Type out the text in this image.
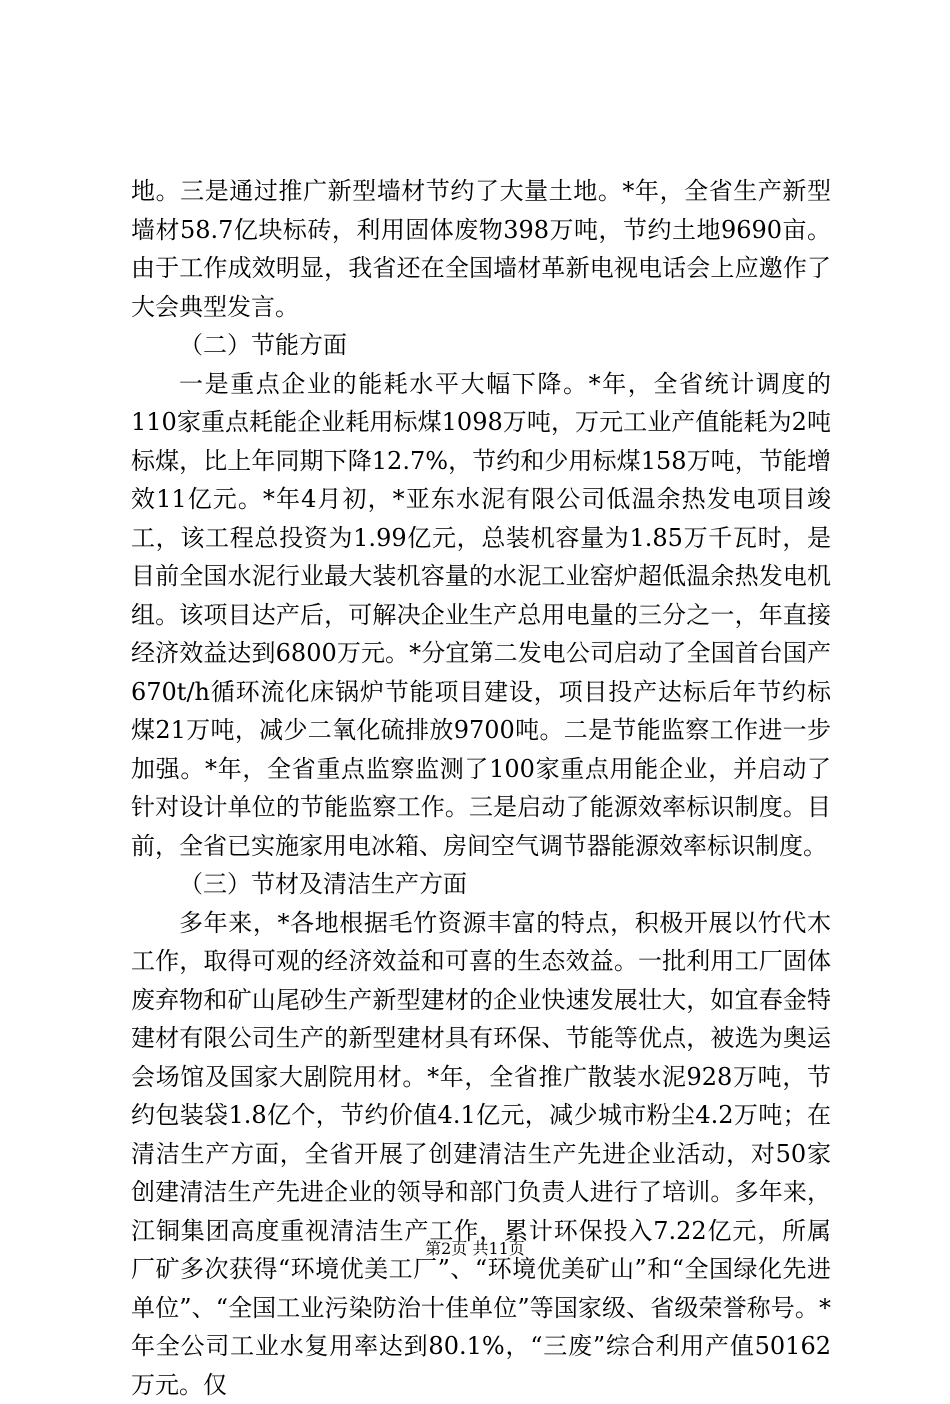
地。三是通过推广新型墙材节约了大量土地。*年，全省生产新型墙材58.7亿块标砖，利用固体废物398万吨，节约土地9690亩。由于工作成效明显，我省还在全国墙材革新电视电话会上应邀作了大会典型发言。

（二）节能方面

一是重点企业的能耗水平大幅下降。*年，全省统计调度的110家重点耗能企业耗用标煤1098万吨，万元工业产值能耗为2吨标煤，比上年同期下降12.7%，节约和少用标煤158万吨，节能增效11亿元。*年4月初，*亚东水泥有限公司低温余热发电项目竣工，该工程总投资为1.99亿元，总装机容量为1.85万千瓦时，是目前全国水泥行业最大装机容量的水泥工业窑炉超低温余热发电机组。该项目达产后，可解决企业生产总用电量的三分之一，年直接经济效益达到6800万元。*分宜第二发电公司启动了全国首台国产670t/h循环流化床锅炉节能项目建设，项目投产达标后年节约标煤21万吨，减少二氧化硫排放9700吨。二是节能监察工作进一步加强。*年，全省重点监察监测了100家重点用能企业，并启动了针对设计单位的节能监察工作。三是启动了能源效率标识制度。目前，全省已实施家用电冰箱、房间空气调节器能源效率标识制度。

（三）节材及清洁生产方面

多年来，*各地根据毛竹资源丰富的特点，积极开展以竹代木工作，取得可观的经济效益和可喜的生态效益。一批利用工厂固体废弃物和矿山尾砂生产新型建材的企业快速发展壮大，如宜春金特建材有限公司生产的新型建材具有环保、节能等优点，被选为奥运会场馆及国家大剧院用材。*年，全省推广散装水泥928万吨，节约包装袋1.8亿个，节约价值4.1亿元，减少城市粉尘4.2万吨；在清洁生产方面，全省开展了创建清洁生产先进企业活动，对50家创建清洁生产先进企业的领导和部门负责人进行了培训。多年来，江铜集团高度重视清洁生产工作，累计环保投入7.22亿元，所属厂矿多次获得“环境优美工厂”、“环境优美矿山”和“全国绿化先进单位”、“全国工业污染防治十佳单位”等国家级、省级荣誉称号。*年全公司工业水复用率达到80.1%，“三废”综合利用产值50162万元。仅

第2页 共11页
